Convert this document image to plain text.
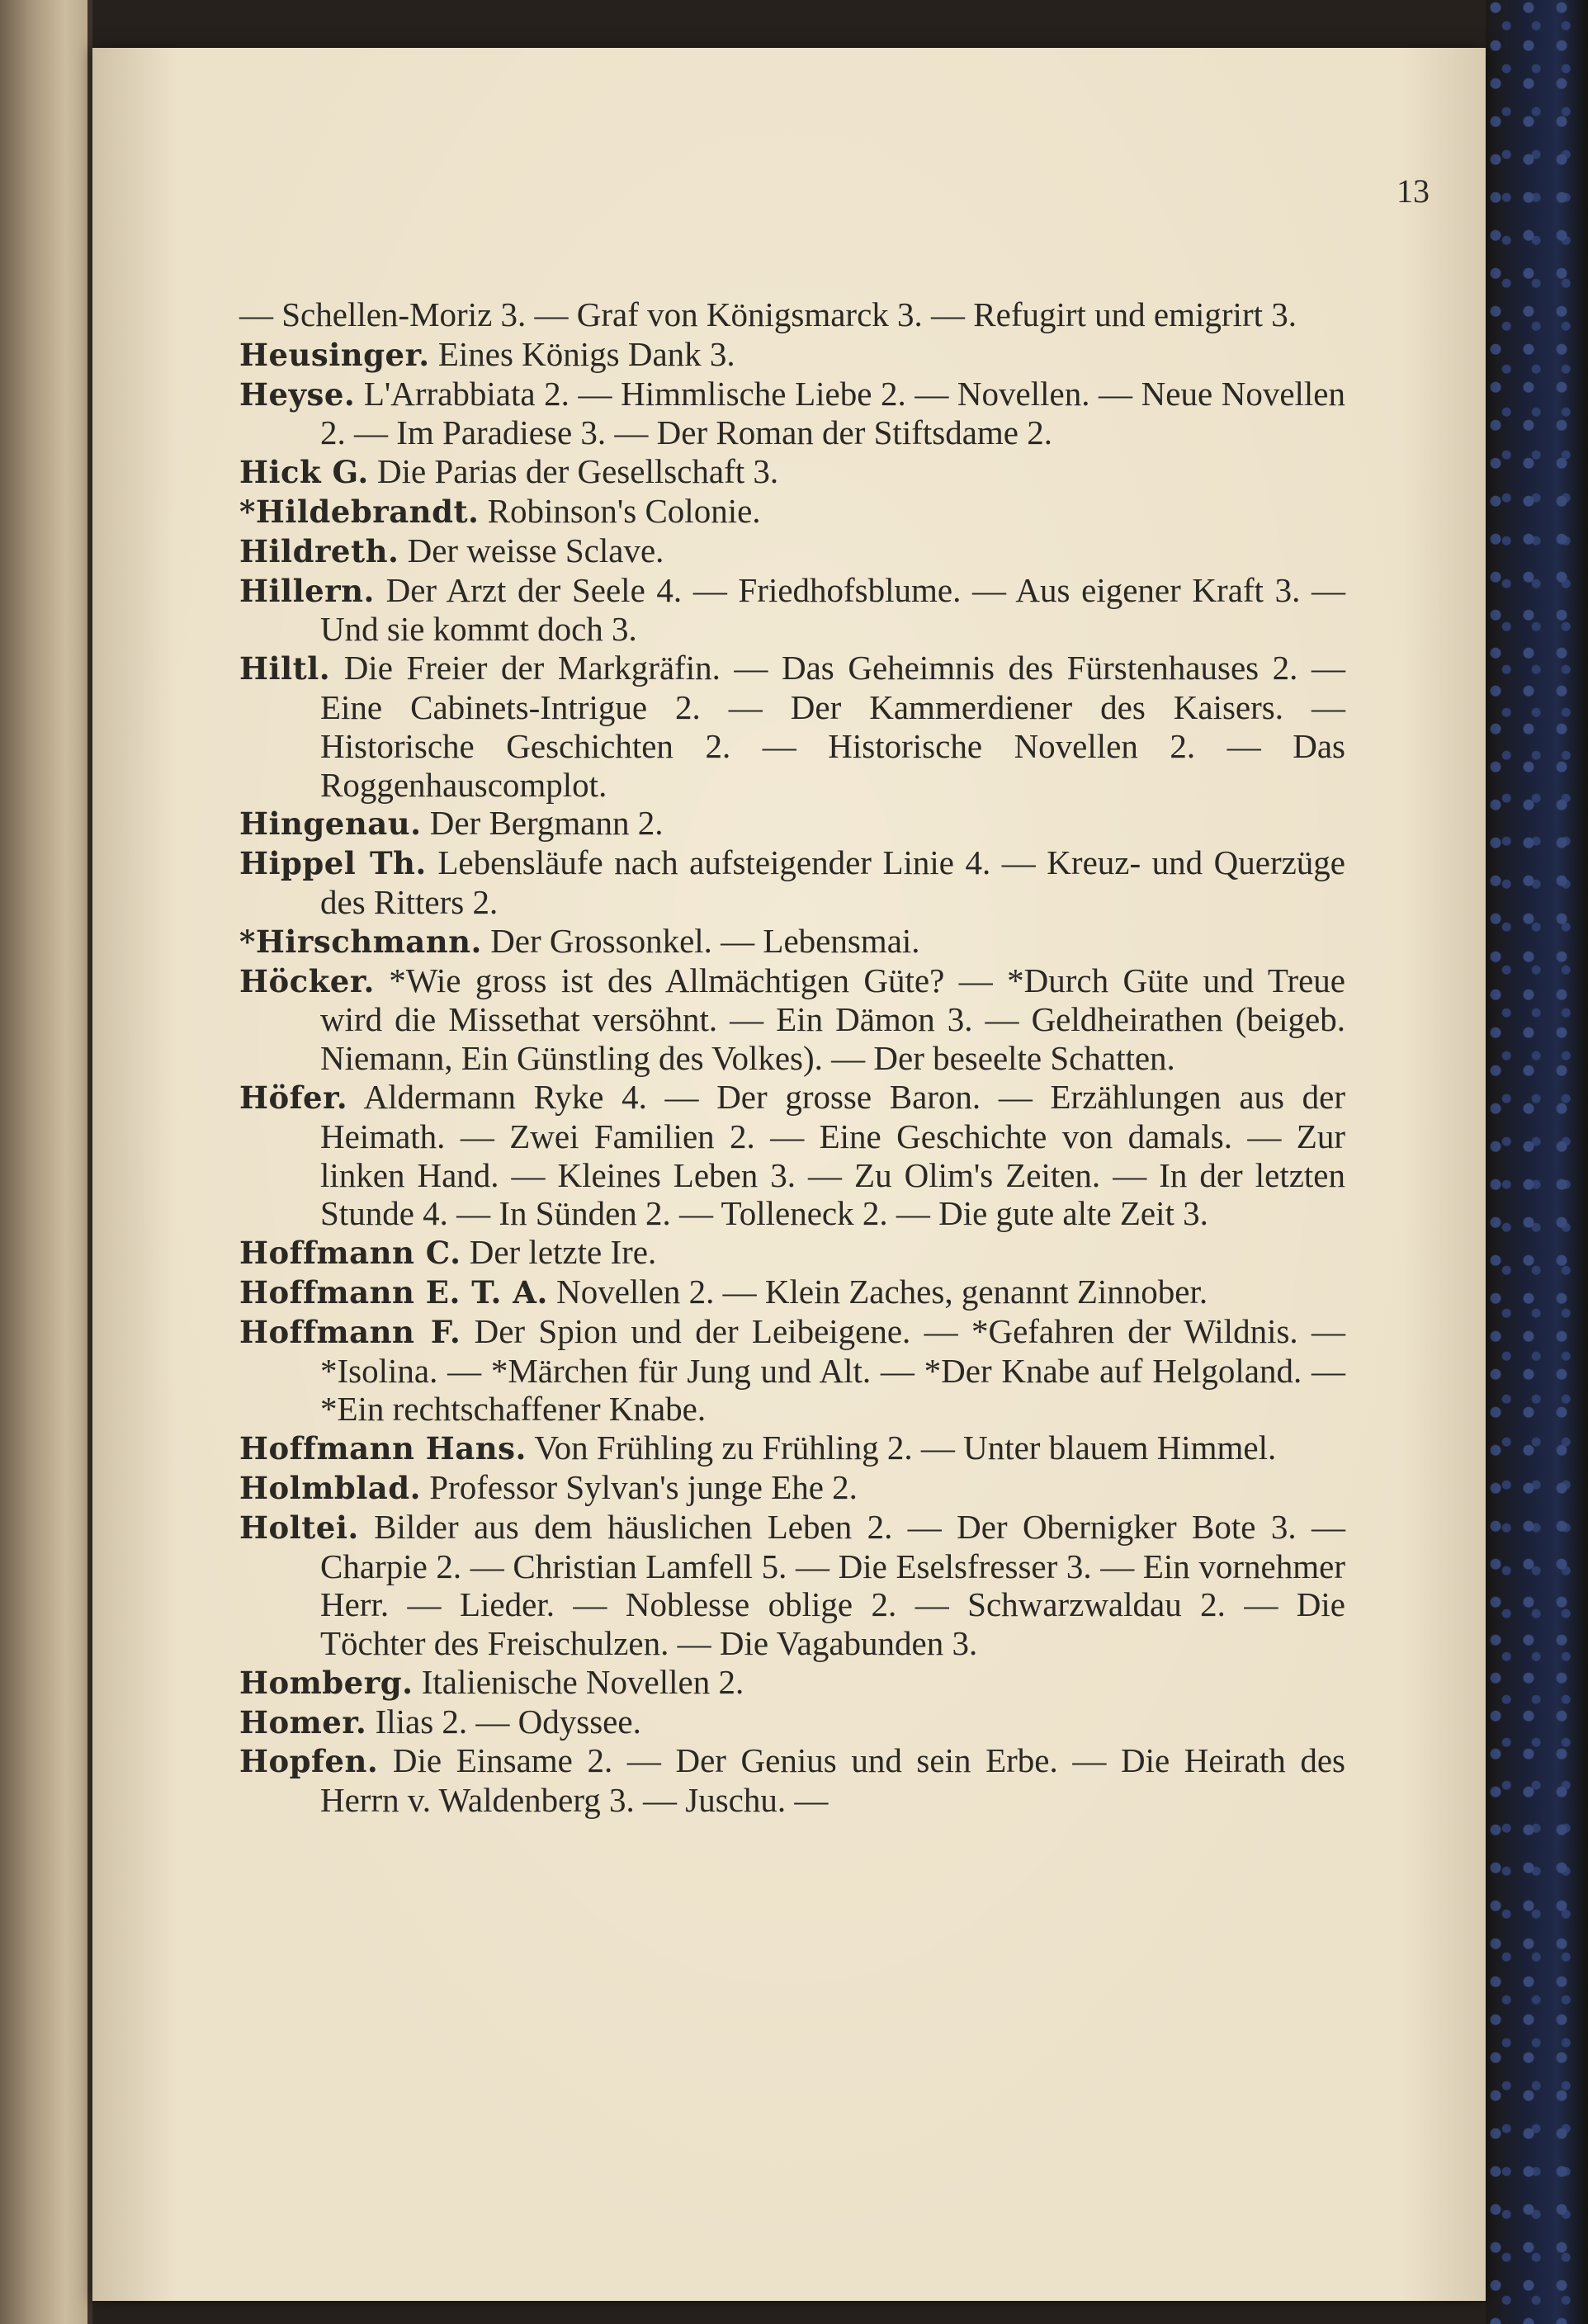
13

— Schellen-Moriz 3. — Graf von Königsmarck 3. — Refugirt und emigrirt 3.

Heusinger. Eines Königs Dank 3.

Heyse. L'Arrabbiata 2. — Himmlische Liebe 2. — Novellen. — Neue Novellen 2. — Im Paradiese 3. — Der Roman der Stiftsdame 2.

Hick G. Die Parias der Gesellschaft 3.

*Hildebrandt. Robinson's Colonie.

Hildreth. Der weisse Sclave.

Hillern. Der Arzt der Seele 4. — Friedhofsblume. — Aus eigener Kraft 3. — Und sie kommt doch 3.

Hiltl. Die Freier der Markgräfin. — Das Geheimnis des Fürstenhauses 2. — Eine Cabinets-Intrigue 2. — Der Kammerdiener des Kaisers. — Historische Geschichten 2. — Historische Novellen 2. — Das Roggenhauscomplot.

Hingenau. Der Bergmann 2.

Hippel Th. Lebensläufe nach aufsteigender Linie 4. — Kreuz- und Querzüge des Ritters 2.

*Hirschmann. Der Grossonkel. — Lebensmai.

Höcker. *Wie gross ist des Allmächtigen Güte? — *Durch Güte und Treue wird die Missethat versöhnt. — Ein Dämon 3. — Geldheirathen (beigeb. Niemann, Ein Günstling des Volkes). — Der beseelte Schatten.

Höfer. Aldermann Ryke 4. — Der grosse Baron. — Erzählungen aus der Heimath. — Zwei Familien 2. — Eine Geschichte von damals. — Zur linken Hand. — Kleines Leben 3. — Zu Olim's Zeiten. — In der letzten Stunde 4. — In Sünden 2. — Tolleneck 2. — Die gute alte Zeit 3.

Hoffmann C. Der letzte Ire.

Hoffmann E. T. A. Novellen 2. — Klein Zaches, genannt Zinnober.

Hoffmann F. Der Spion und der Leibeigene. — *Gefahren der Wildnis. — *Isolina. — *Märchen für Jung und Alt. — *Der Knabe auf Helgoland. — *Ein rechtschaffener Knabe.

Hoffmann Hans. Von Frühling zu Frühling 2. — Unter blauem Himmel.

Holmblad. Professor Sylvan's junge Ehe 2.

Holtei. Bilder aus dem häuslichen Leben 2. — Der Obernigker Bote 3. — Charpie 2. — Christian Lamfell 5. — Die Eselsfresser 3. — Ein vornehmer Herr. — Lieder. — Noblesse oblige 2. — Schwarzwaldau 2. — Die Töchter des Freischulzen. — Die Vagabunden 3.

Homberg. Italienische Novellen 2.

Homer. Ilias 2. — Odyssee.

Hopfen. Die Einsame 2. — Der Genius und sein Erbe. — Die Heirath des Herrn v. Waldenberg 3. — Juschu. —
